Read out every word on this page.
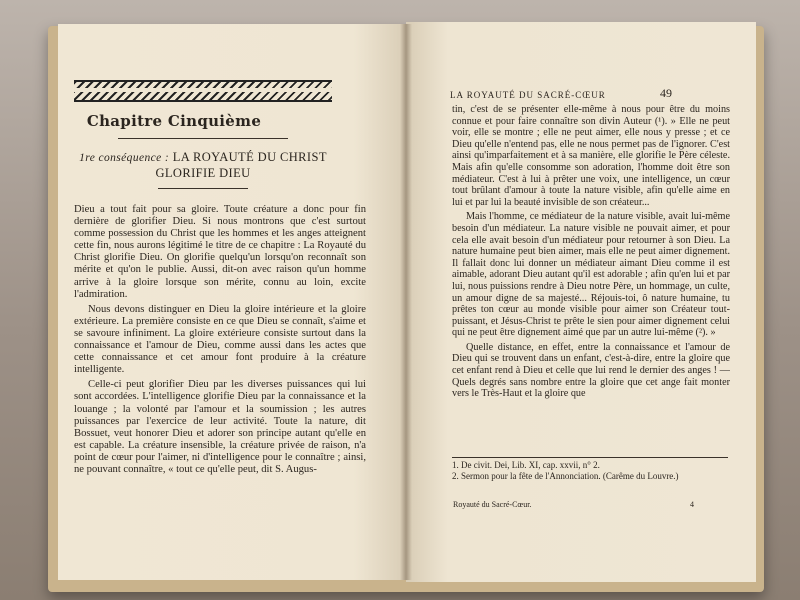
Chapitre Cinquième
1re conséquence : LA ROYAUTÉ DU CHRIST
GLORIFIE DIEU

Dieu a tout fait pour sa gloire. Toute créature a donc pour fin dernière de glorifier Dieu. Si nous montrons que c'est surtout comme possession du Christ que les hommes et les anges atteignent cette fin, nous aurons légitimé le titre de ce chapitre : La Royauté du Christ glorifie Dieu. On glorifie quelqu'un lorsqu'on reconnaît son mérite et qu'on le publie. Aussi, dit-on avec raison qu'un homme arrive à la gloire lorsque son mérite, connu au loin, excite l'admiration.

Nous devons distinguer en Dieu la gloire intérieure et la gloire extérieure. La première consiste en ce que Dieu se connaît, s'aime et se savoure infiniment. La gloire extérieure consiste surtout dans la connaissance et l'amour de Dieu, comme aussi dans les actes que cette connaissance et cet amour font produire à la créature intelligente.

Celle-ci peut glorifier Dieu par les diverses puissances qui lui sont accordées. L'intelligence glorifie Dieu par la connaissance et la louange ; la volonté par l'amour et la soumission ; les autres puissances par l'exercice de leur activité. Toute la nature, dit Bossuet, veut honorer Dieu et adorer son principe autant qu'elle en est capable. La créature insensible, la créature privée de raison, n'a point de cœur pour l'aimer, ni d'intelligence pour le connaître ; ainsi, ne pouvant connaître, « tout ce qu'elle peut, dit S. Augus-

LA ROYAUTÉ DU SACRÉ-CŒUR	49

tin, c'est de se présenter elle-même à nous pour être du moins connue et pour faire connaître son divin Auteur (¹). » Elle ne peut voir, elle se montre ; elle ne peut aimer, elle nous y presse ; et ce Dieu qu'elle n'entend pas, elle ne nous permet pas de l'ignorer. C'est ainsi qu'imparfaitement et à sa manière, elle glorifie le Père céleste. Mais afin qu'elle consomme son adoration, l'homme doit être son médiateur. C'est à lui à prêter une voix, une intelligence, un cœur tout brûlant d'amour à toute la nature visible, afin qu'elle aime en lui et par lui la beauté invisible de son créateur...

Mais l'homme, ce médiateur de la nature visible, avait lui-même besoin d'un médiateur. La nature visible ne pouvait aimer, et pour cela elle avait besoin d'un médiateur pour retourner à son Dieu. La nature humaine peut bien aimer, mais elle ne peut aimer dignement. Il fallait donc lui donner un médiateur aimant Dieu comme il est aimable, adorant Dieu autant qu'il est adorable ; afin qu'en lui et par lui, nous puissions rendre à Dieu notre Père, un hommage, un culte, un amour digne de sa majesté... Réjouis-toi, ô nature humaine, tu prêtes ton cœur au monde visible pour aimer son Créateur tout-puissant, et Jésus-Christ te prête le sien pour aimer dignement celui qui ne peut être dignement aimé que par un autre lui-même (²). »

Quelle distance, en effet, entre la connaissance et l'amour de Dieu qui se trouvent dans un enfant, c'est-à-dire, entre la gloire que cet enfant rend à Dieu et celle que lui rend le dernier des anges ! — Quels degrés sans nombre entre la gloire que cet ange fait monter vers le Très-Haut et la gloire que

1. De civit. Dei, Lib. XI, cap. xxvii, n° 2.
2. Sermon pour la fête de l'Annonciation. (Carême du Louvre.)
Royauté du Sacré-Cœur.	4
